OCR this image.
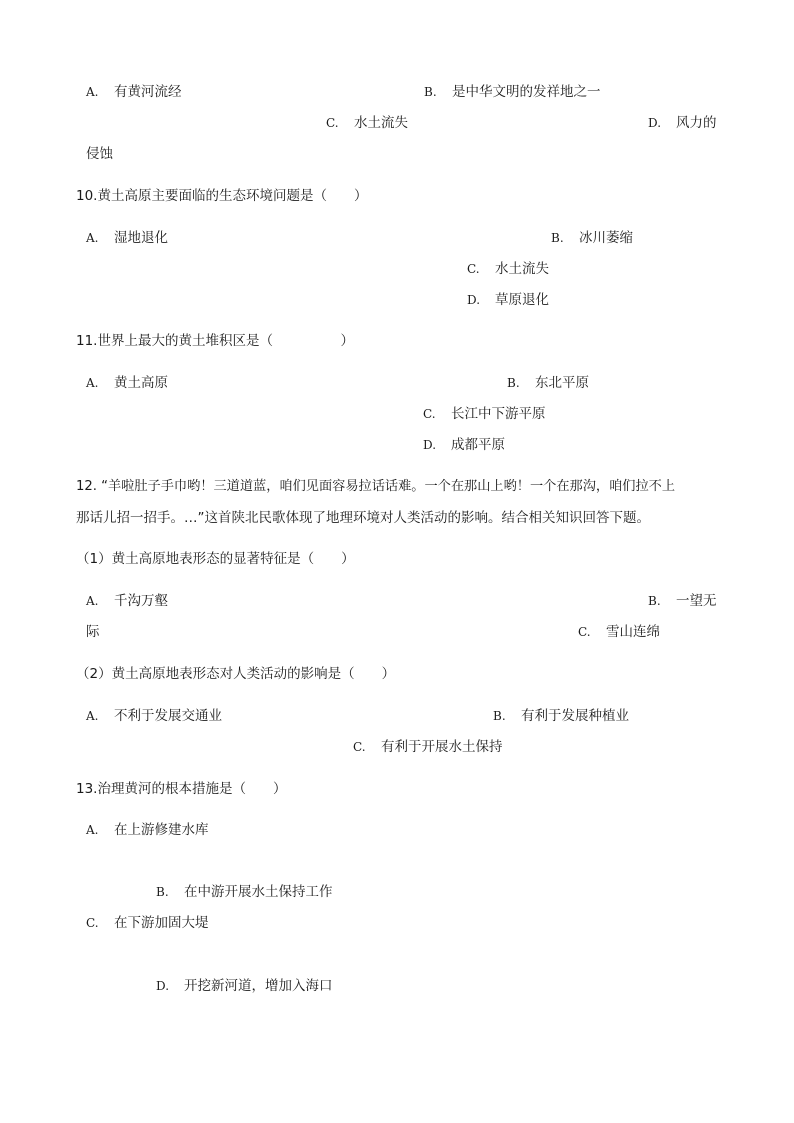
A. 有黄河流经	B. 是中华文明的发祥地之一
C. 水土流失	D. 风力的
侵蚀
10.黄土高原主要面临的生态环境问题是（　　）
A. 湿地退化	B. 冰川萎缩
C. 水土流失
D. 草原退化
11.世界上最大的黄土堆积区是（　　　　　）
A. 黄土高原	B. 东北平原
C. 长江中下游平原
D. 成都平原
12. “羊啦肚子手巾哟！三道道蓝，咱们见面容易拉话话难。一个在那山上哟！一个在那沟，咱们拉不上
那话儿招一招手。…”这首陕北民歌体现了地理环境对人类活动的影响。结合相关知识回答下题。
（1）黄土高原地表形态的显著特征是（　　）
A. 千沟万壑	B. 一望无
际	C. 雪山连绵
（2）黄土高原地表形态对人类活动的影响是（　　）
A. 不利于发展交通业	B. 有利于发展种植业
C. 有利于开展水土保持
13.治理黄河的根本措施是（　　）
A. 在上游修建水库
B. 在中游开展水土保持工作
C. 在下游加固大堤
D. 开挖新河道，增加入海口
